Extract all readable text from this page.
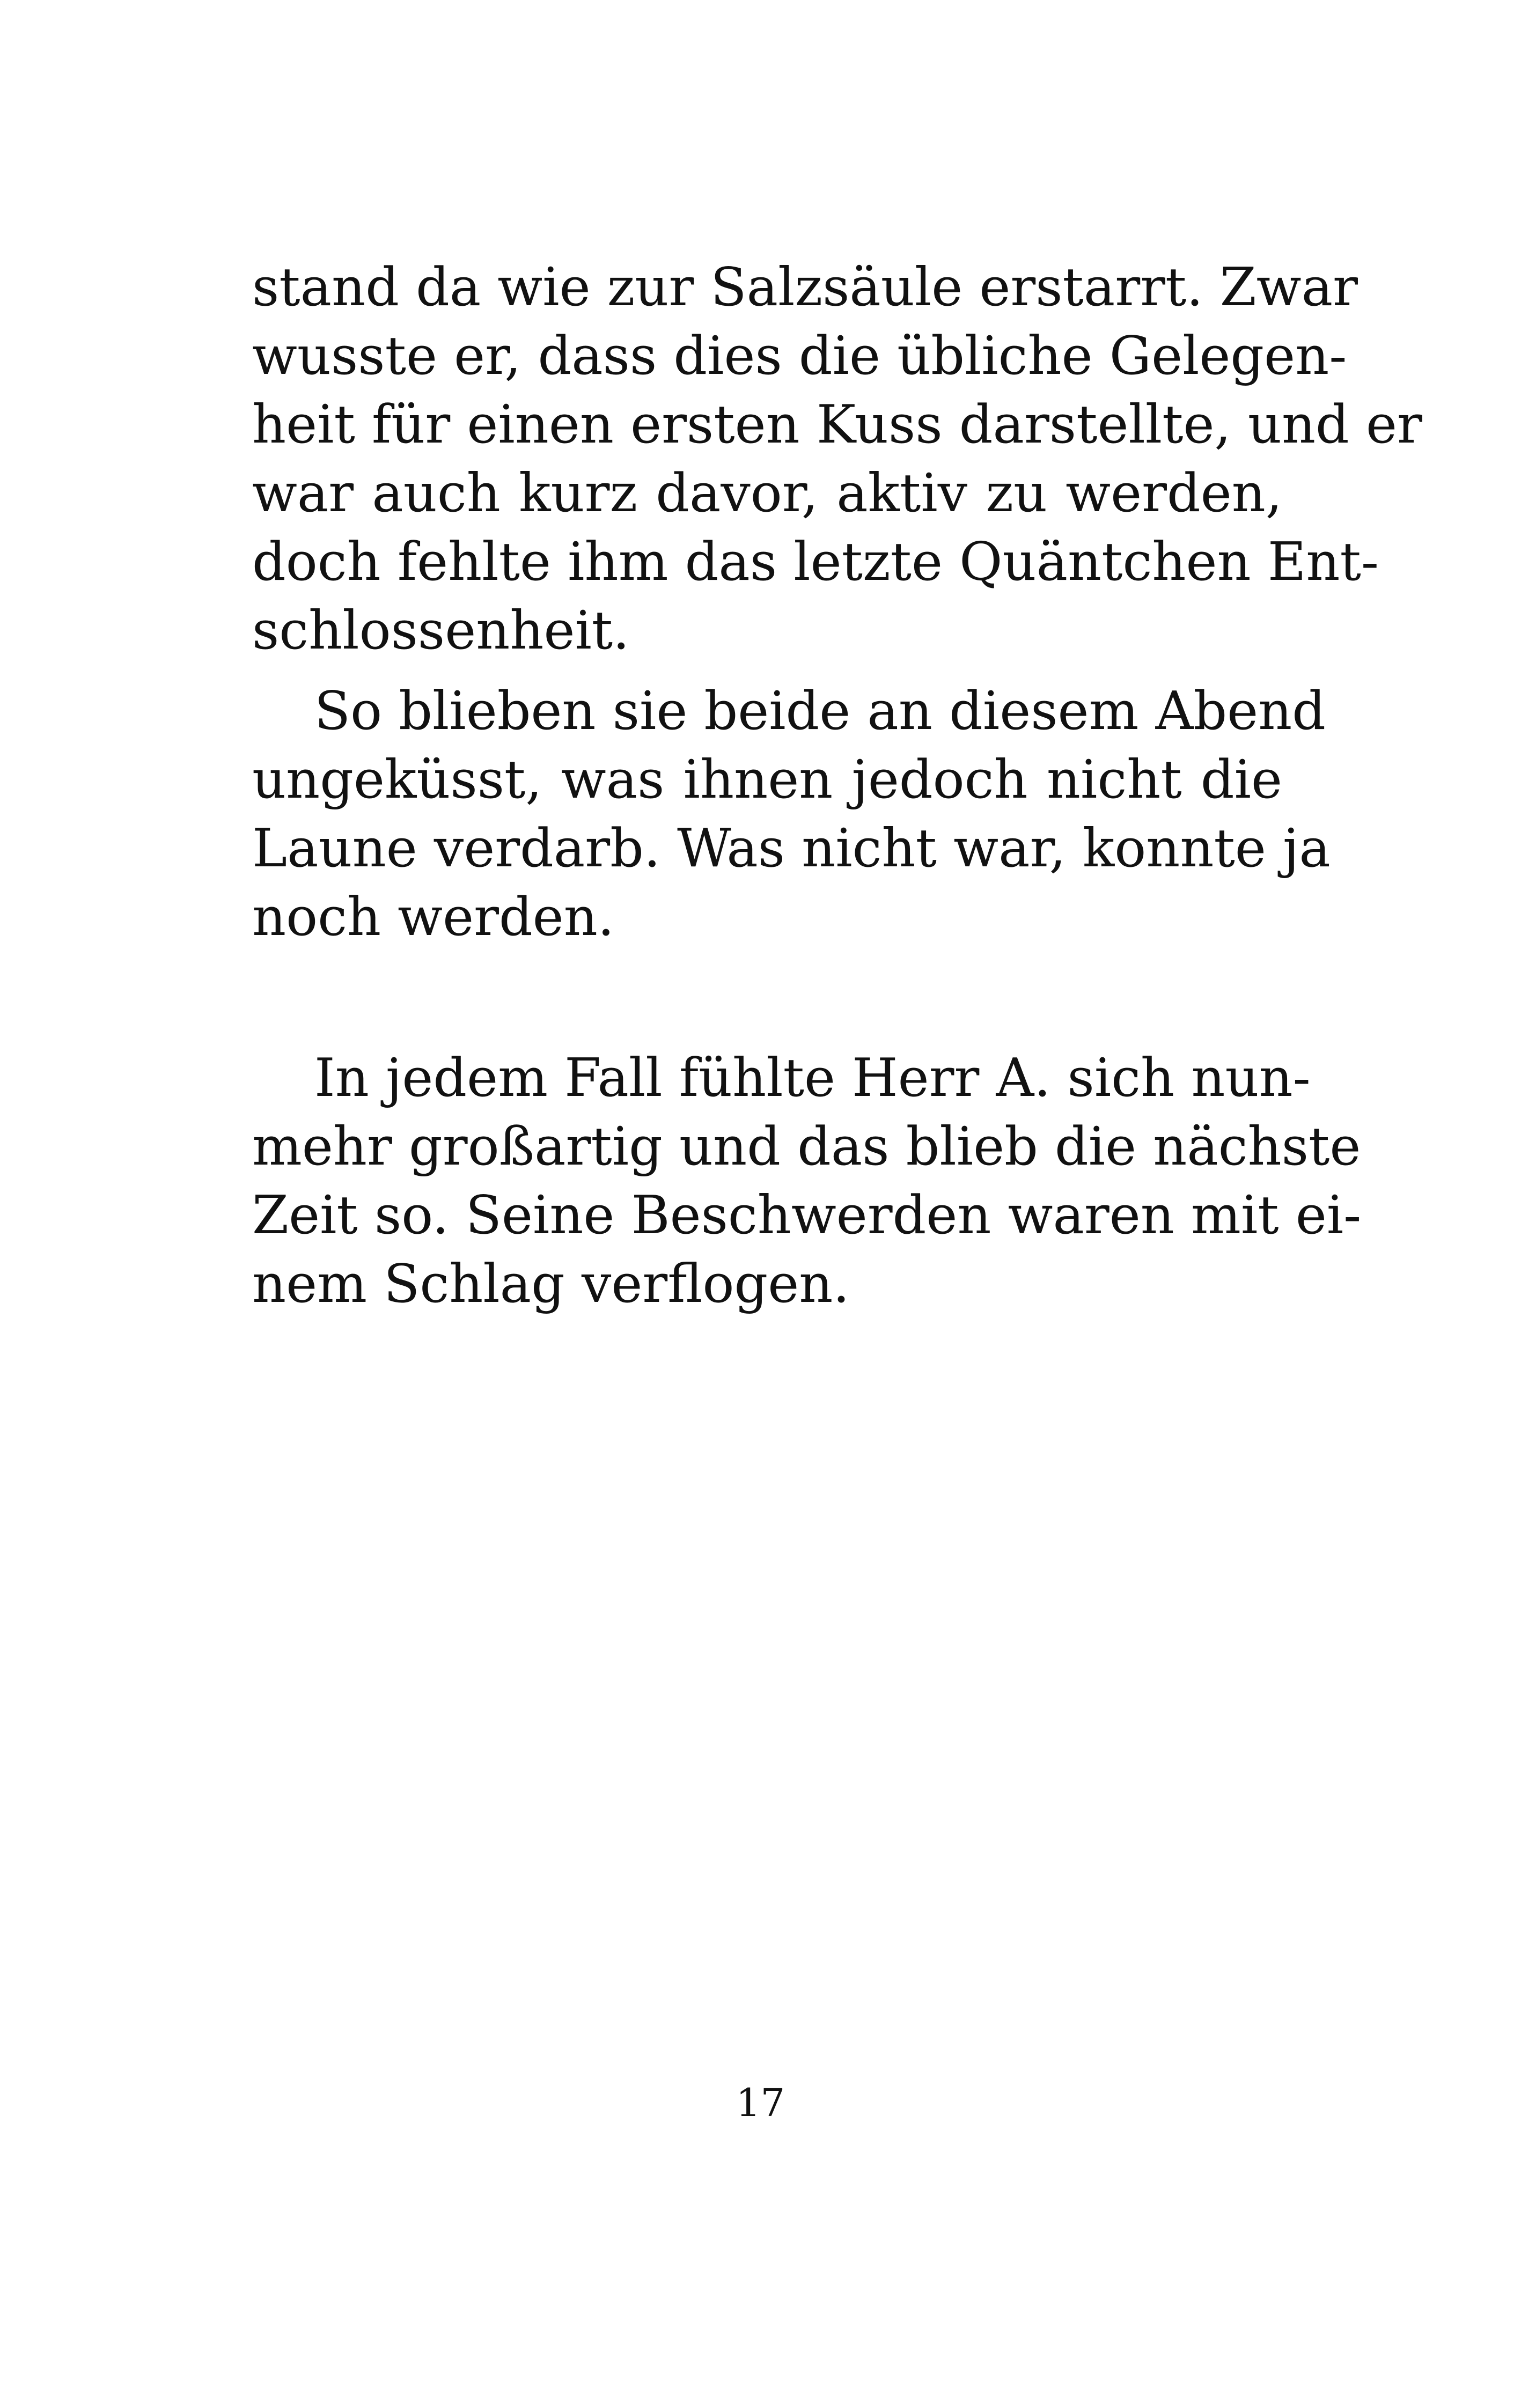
stand da wie zur Salzsäule erstarrt. Zwar
wusste er, dass dies die übliche Gelegen-
heit für einen ersten Kuss darstellte, und er
war auch kurz davor, aktiv zu werden,
doch fehlte ihm das letzte Quäntchen Ent-
schlossenheit.
So blieben sie beide an diesem Abend
ungeküsst, was ihnen jedoch nicht die
Laune verdarb. Was nicht war, konnte ja
noch werden.
In jedem Fall fühlte Herr A. sich nun-
mehr großartig und das blieb die nächste
Zeit so. Seine Beschwerden waren mit ei-
nem Schlag verflogen.
17
